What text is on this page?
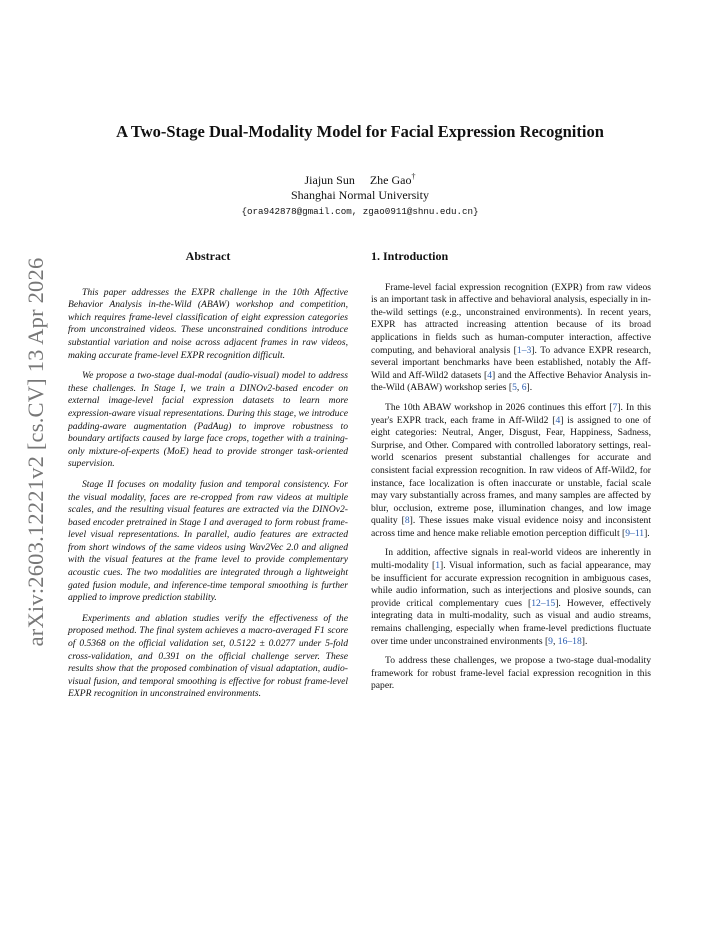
A Two-Stage Dual-Modality Model for Facial Expression Recognition
Jiajun Sun Zhe Gao†
Shanghai Normal University
{ora942878@gmail.com, zgao0911@shnu.edu.cn}
arXiv:2603.12221v2 [cs.CV] 13 Apr 2026
Abstract

This paper addresses the EXPR challenge in the 10th Affective Behavior Analysis in-the-Wild (ABAW) workshop and competition, which requires frame-level classification of eight expression categories from unconstrained videos. These unconstrained conditions introduce substantial variation and noise across adjacent frames in raw videos, making accurate frame-level EXPR recognition difficult.

We propose a two-stage dual-modal (audio-visual) model to address these challenges. In Stage I, we train a DINOv2-based encoder on external image-level facial expression datasets to learn more expression-aware visual representations. During this stage, we introduce padding-aware augmentation (PadAug) to improve robustness to boundary artifacts caused by large face crops, together with a training-only mixture-of-experts (MoE) head to provide stronger task-oriented supervision.

Stage II focuses on modality fusion and temporal consistency. For the visual modality, faces are re-cropped from raw videos at multiple scales, and the resulting visual features are extracted via the DINOv2-based encoder pretrained in Stage I and averaged to form robust frame-level visual representations. In parallel, audio features are extracted from short windows of the same videos using Wav2Vec 2.0 and aligned with the visual features at the frame level to provide complementary acoustic cues. The two modalities are integrated through a lightweight gated fusion module, and inference-time temporal smoothing is further applied to improve prediction stability.

Experiments and ablation studies verify the effectiveness of the proposed method. The final system achieves a macro-averaged F1 score of 0.5368 on the official validation set, 0.5122 ± 0.0277 under 5-fold cross-validation, and 0.391 on the official challenge server. These results show that the proposed combination of visual adaptation, audio-visual fusion, and temporal smoothing is effective for robust frame-level EXPR recognition in unconstrained environments.

1. Introduction

Frame-level facial expression recognition (EXPR) from raw videos is an important task in affective and behavioral analysis, especially in in-the-wild settings (e.g., unconstrained environments). In recent years, EXPR has attracted increasing attention because of its broad applications in fields such as human-computer interaction, affective computing, and behavioral analysis [1–3]. To advance EXPR research, several important benchmarks have been established, notably the Aff-Wild and Aff-Wild2 datasets [4] and the Affective Behavior Analysis in-the-Wild (ABAW) workshop series [5, 6].

The 10th ABAW workshop in 2026 continues this effort [7]. In this year's EXPR track, each frame in Aff-Wild2 [4] is assigned to one of eight categories: Neutral, Anger, Disgust, Fear, Happiness, Sadness, Surprise, and Other. Compared with controlled laboratory settings, real-world scenarios present substantial challenges for accurate and consistent facial expression recognition. In raw videos of Aff-Wild2, for instance, face localization is often inaccurate or unstable, facial scale may vary substantially across frames, and many samples are affected by blur, occlusion, extreme pose, illumination changes, and low image quality [8]. These issues make visual evidence noisy and inconsistent across time and hence make reliable emotion perception difficult [9–11].

In addition, affective signals in real-world videos are inherently in multi-modality [1]. Visual information, such as facial appearance, may be insufficient for accurate expression recognition in ambiguous cases, while audio information, such as interjections and plosive sounds, can provide critical complementary cues [12–15]. However, effectively integrating data in multi-modality, such as visual and audio streams, remains challenging, especially when frame-level predictions fluctuate over time under unconstrained environments [9, 16–18].

To address these challenges, we propose a two-stage dual-modality framework for robust frame-level facial expression recognition in this paper.
